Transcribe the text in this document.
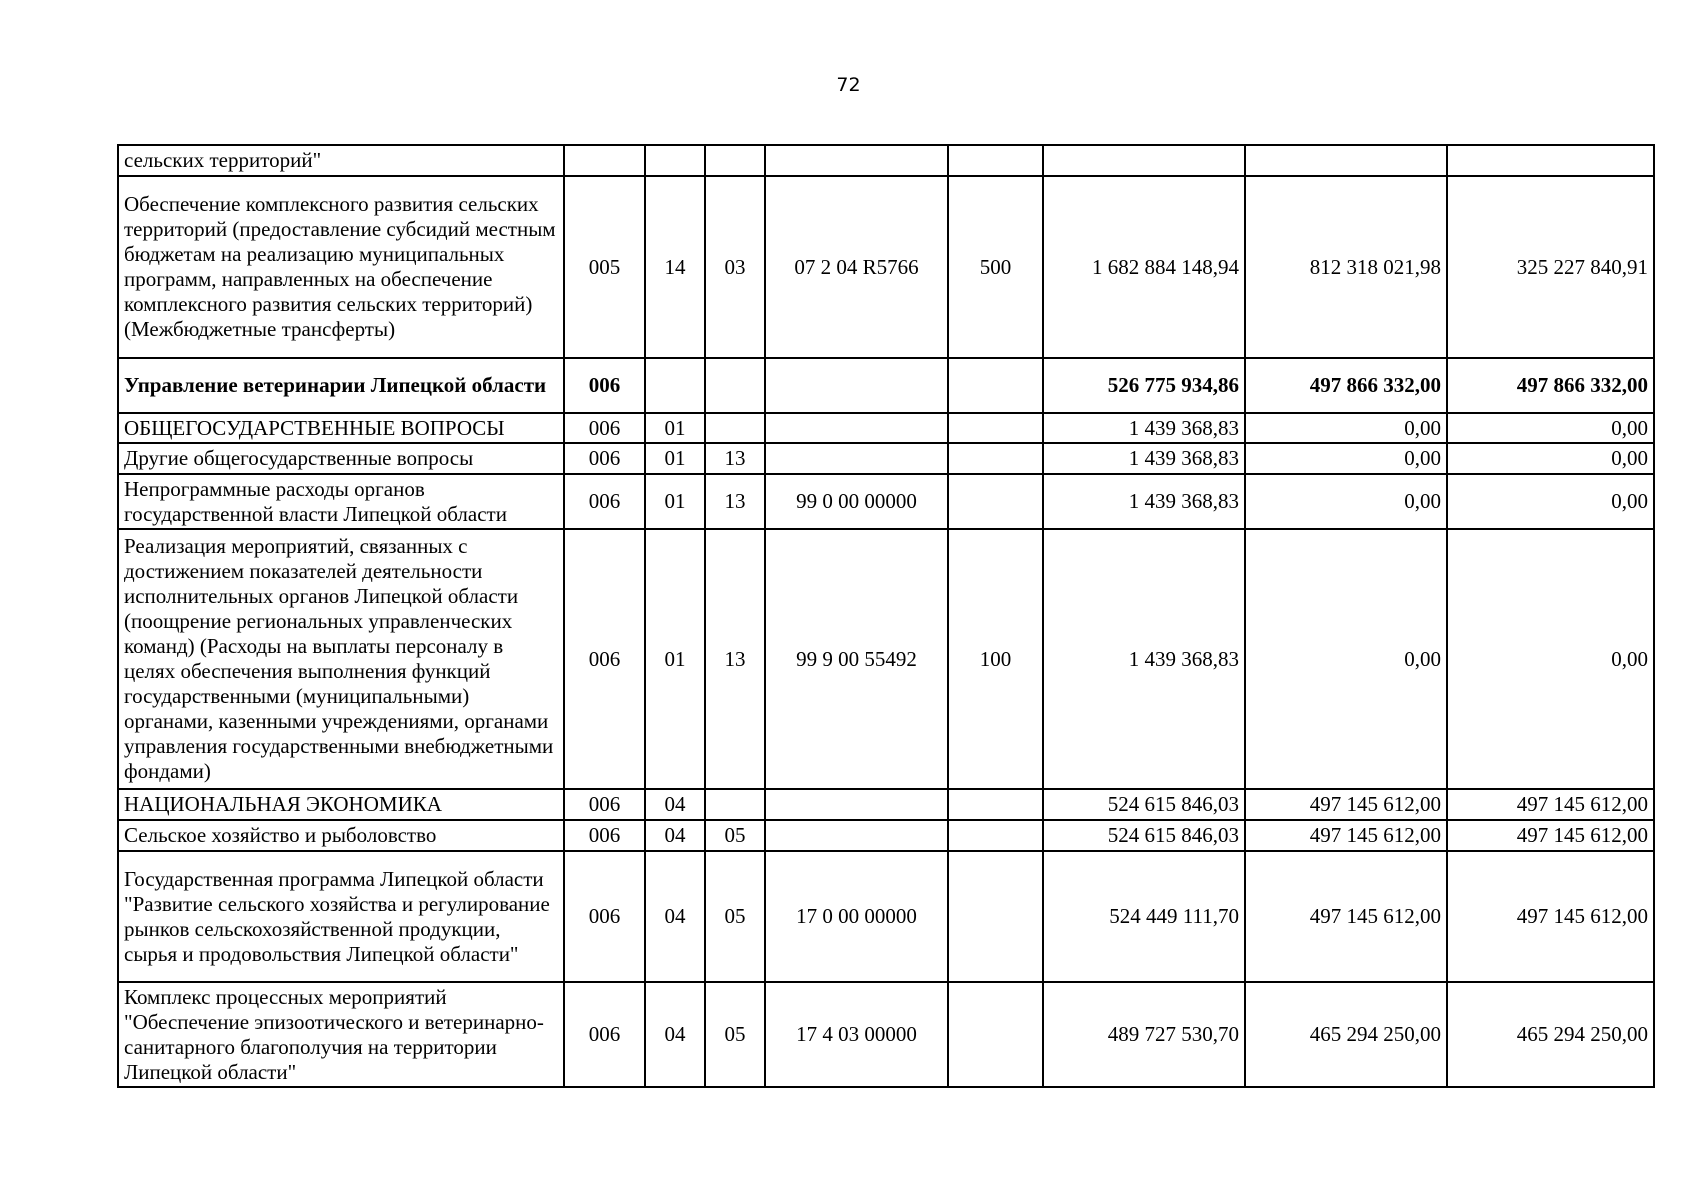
72
сельских территорий"								
Обеспечение комплексного развития сельских территорий (предоставление субсидий местным бюджетам на реализацию муниципальных программ, направленных на обеспечение комплексного развития сельских территорий) (Межбюджетные трансферты)	005	14	03	07 2 04 R5766	500	1 682 884 148,94	812 318 021,98	325 227 840,91
Управление ветеринарии Липецкой области	006					526 775 934,86	497 866 332,00	497 866 332,00
ОБЩЕГОСУДАРСТВЕННЫЕ ВОПРОСЫ	006	01				1 439 368,83	0,00	0,00
Другие общегосударственные вопросы	006	01	13			1 439 368,83	0,00	0,00
Непрограммные расходы органов государственной власти Липецкой области	006	01	13	99 0 00 00000		1 439 368,83	0,00	0,00
Реализация мероприятий, связанных с достижением показателей деятельности исполнительных органов Липецкой области (поощрение региональных управленческих команд) (Расходы на выплаты персоналу в целях обеспечения выполнения функций государственными (муниципальными) органами, казенными учреждениями, органами управления государственными внебюджетными фондами)	006	01	13	99 9 00 55492	100	1 439 368,83	0,00	0,00
НАЦИОНАЛЬНАЯ ЭКОНОМИКА	006	04				524 615 846,03	497 145 612,00	497 145 612,00
Сельское хозяйство и рыболовство	006	04	05			524 615 846,03	497 145 612,00	497 145 612,00
Государственная программа Липецкой области "Развитие сельского хозяйства и регулирование рынков сельскохозяйственной продукции, сырья и продовольствия Липецкой области"	006	04	05	17 0 00 00000		524 449 111,70	497 145 612,00	497 145 612,00
Комплекс процессных мероприятий "Обеспечение эпизоотического и ветеринарно-санитарного благополучия на территории Липецкой области"	006	04	05	17 4 03 00000		489 727 530,70	465 294 250,00	465 294 250,00
